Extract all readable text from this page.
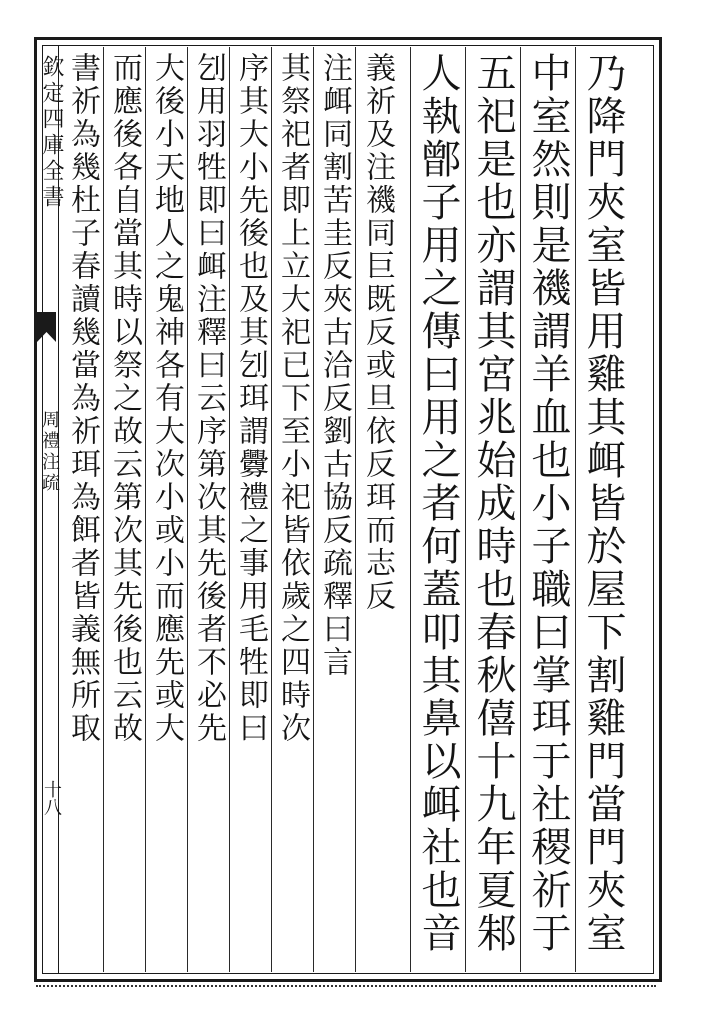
欽定四庫全書
周禮注疏
十八	乃降門夾室皆用雞其衈皆於屋下割雞門當門夾室
中室然則是禨謂羊血也小子職曰掌珥于社稷祈于
五祀是也亦謂其宮兆始成時也春秋僖十九年夏邾
人執鄫子用之傳曰用之者何蓋叩其鼻以衈社也音
義祈及注禨同巨既反或旦依反珥而志反
注衈同割苦圭反夾古洽反劉古協反疏釋曰言
其祭祀者即上立大祀已下至小祀皆依歲之四時次
序其大小先後也及其刉珥謂釁禮之事用毛牲即曰
刉用羽牲即曰衈注釋曰云序第次其先後者不必先
大後小天地人之鬼神各有大次小或小而應先或大
而應後各自當其時以祭之故云第次其先後也云故
書祈為幾杜子春讀幾當為祈珥為餌者皆義無所取
